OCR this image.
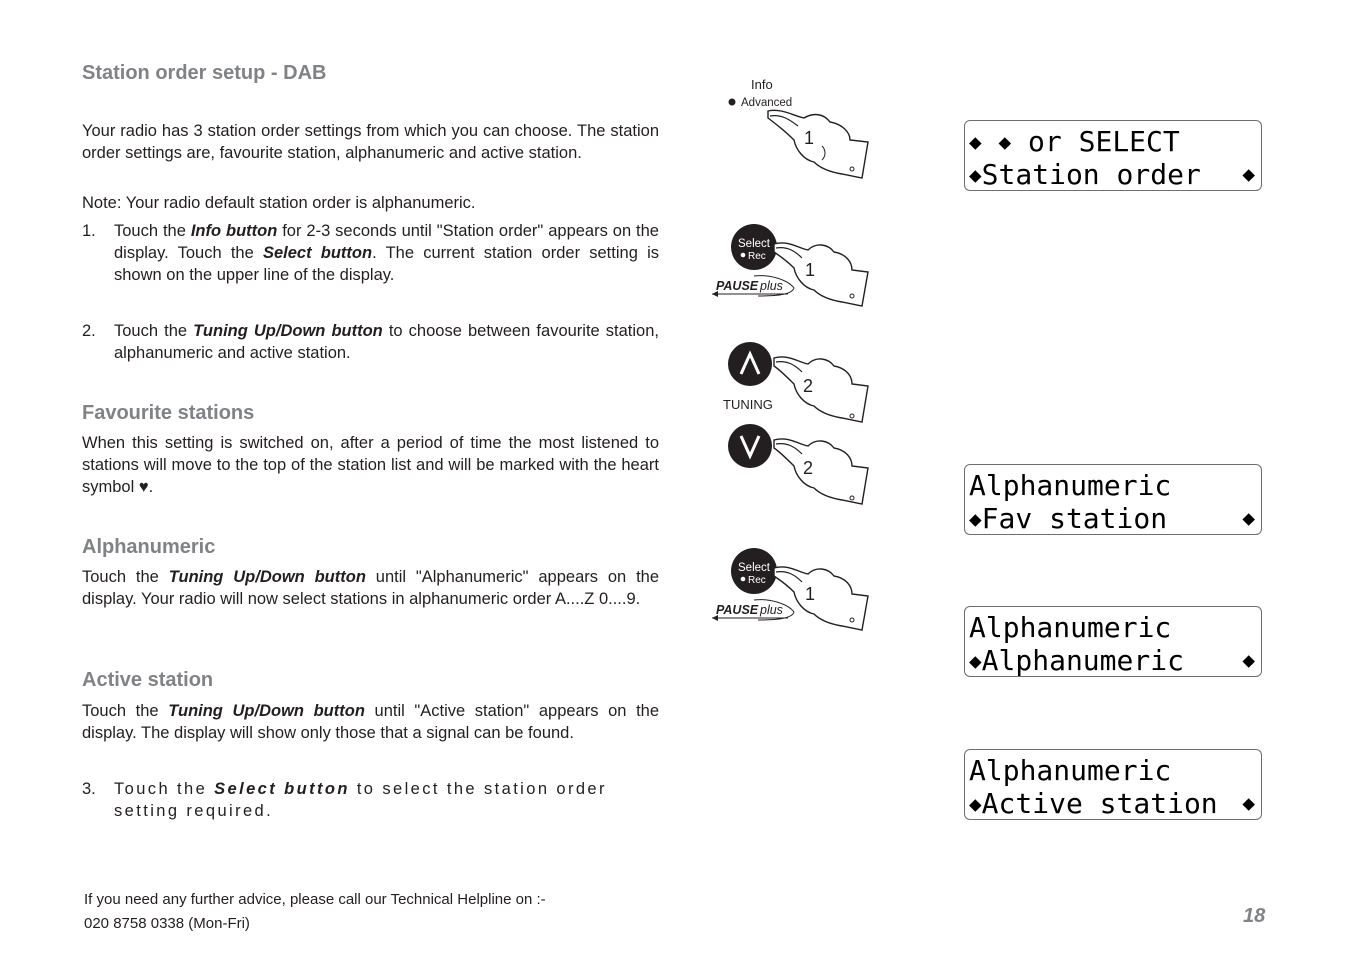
Station order setup - DAB

Your radio has 3 station order settings from which you can choose. The station order settings are, favourite station, alphanumeric and active station.

Note: Your radio default station order is alphanumeric.

1.	Touch the Info button for 2-3 seconds until "Station order" appears on the display. Touch the Select button. The current station order setting is shown on the upper line of the display.
2.	Touch the Tuning Up/Down button to choose between favourite station, alphanumeric and active station.
Favourite stations

When this setting is switched on, after a period of time the most listened to stations will move to the top of the station list and will be marked with the heart symbol ♥.

Alphanumeric

Touch the Tuning Up/Down button until "Alphanumeric" appears on the display. Your radio will now select stations in alphanumeric order A....Z 0....9.

Active station

Touch the Tuning Up/Down button until "Active station" appears on the display. The display will show only those that a signal can be found.

3.	Touch the Select button to select the station order setting required.
If you need any further advice, please call our Technical Helpline on :-
020 8758 0338 (Mon-Fri)	18
Info
Advanced
1
Select
Rec
1
PAUSE plus
2
TUNING
2
Select
Rec
1
PAUSE plus
◆ ◆ or SELECT
◆Station order ◆
Alphanumeric
◆Fav station	◆
Alphanumeric
◆Alphanumeric	◆
Alphanumeric
◆Active station ◆
